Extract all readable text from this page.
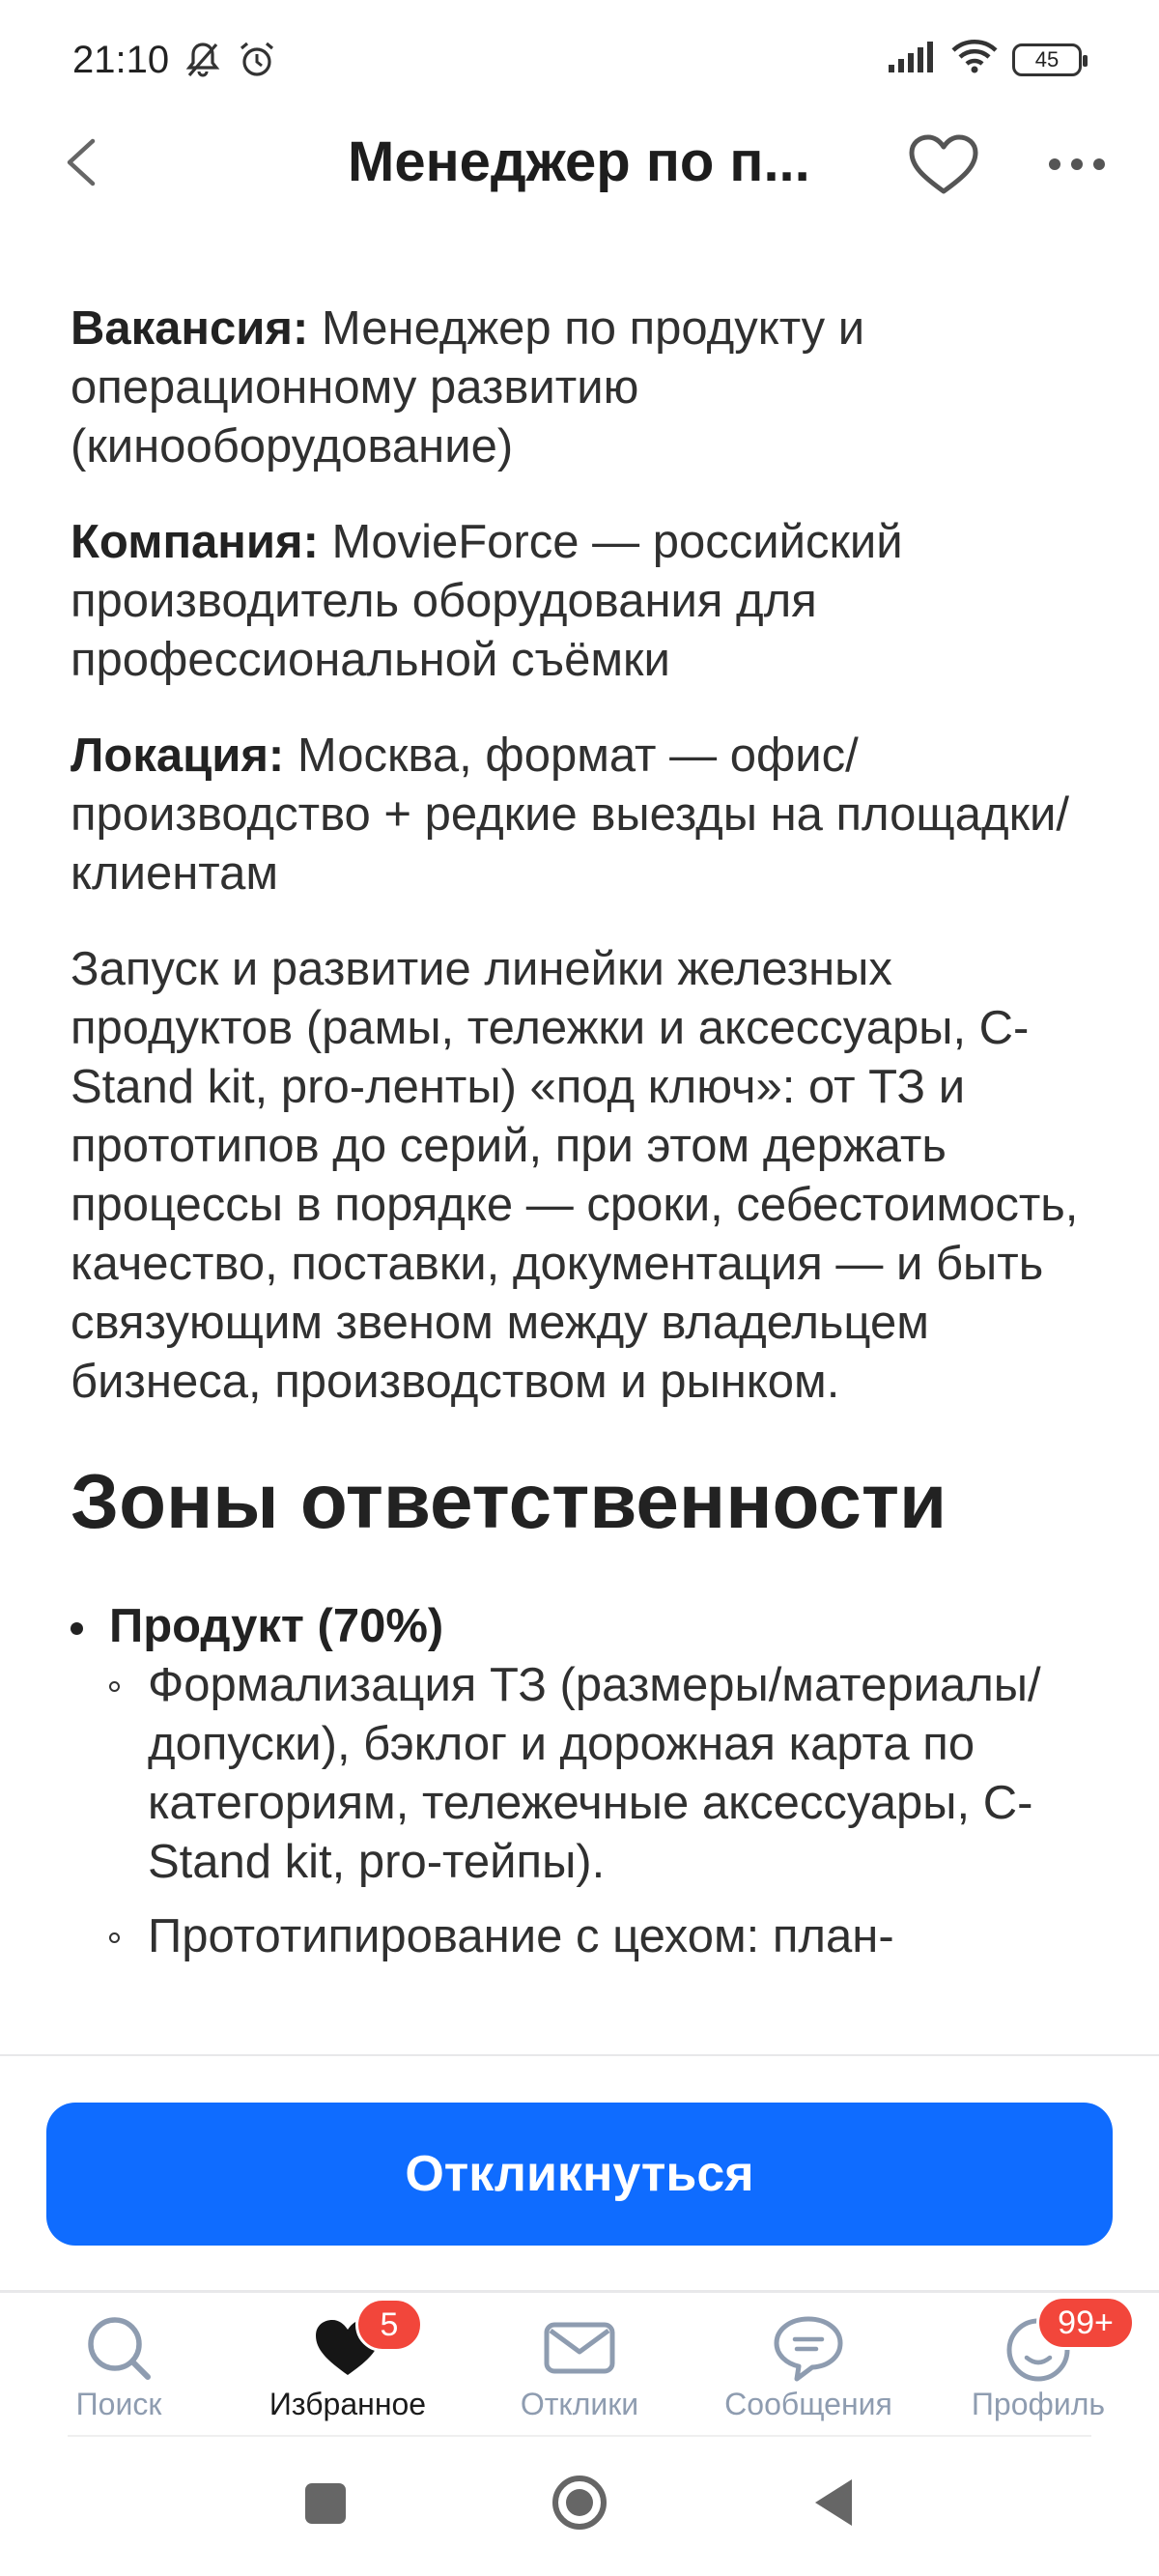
21:10	45
Менеджер по п...

Вакансия: Менеджер по продукту и операционному развитию (кинооборудование)

Компания: MovieForce — российский производитель оборудования для профессиональной съёмки

Локация: Москва, формат — офис/производство + редкие выезды на площадки/клиентам

Запуск и развитие линейки железных продуктов (рамы, тележки и аксессуары, C-Stand kit, pro-ленты) «под ключ»: от ТЗ и прототипов до серий, при этом держать процессы в порядке — сроки, себестоимость, качество, поставки, документация — и быть связующим звеном между владельцем бизнеса, производством и рынком.

Зоны ответственности
Продукт (70%)
Формализация ТЗ (размеры/материалы/допуски), бэклог и дорожная карта по категориям, тележечные аксессуары, C-Stand kit, pro-тейпы).
Прототипирование с цехом: план-
Откликнуться
Поиск
5
Избранное	Отклики	Сообщения
99+
Профиль
